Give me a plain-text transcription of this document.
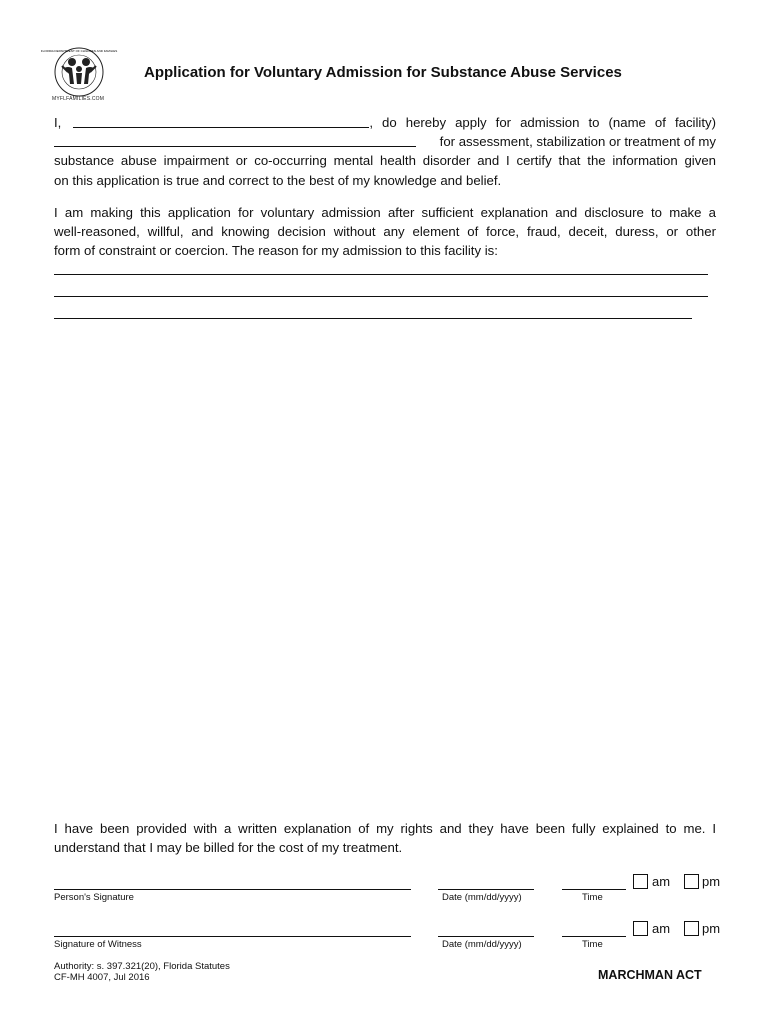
FLORIDA DEPARTMENT OF CHILDREN AND FAMILIES
MYFLFAMILIES.COM
Application for Voluntary Admission for Substance Abuse Services
I,	, do hereby apply for admission to (name of facility)
for assessment, stabilization or treatment of my
substance abuse impairment or co-occurring mental health disorder and I certify that the information given
on this application is true and correct to the best of my knowledge and belief.
I am making this application for voluntary admission after sufficient explanation and disclosure to make a
well-reasoned, willful, and knowing decision without any element of force, fraud, deceit, duress, or other
form of constraint or coercion. The reason for my admission to this facility is:
I have been provided with a written explanation of my rights and they have been fully explained to me. I
understand that I may be billed for the cost of my treatment.
Person's Signature	Date (mm/dd/yyyy)	Time
am pm
Signature of Witness	Date (mm/dd/yyyy)	Time
am pm
Authority: s. 397.321(20), Florida Statutes
CF-MH 4007, Jul 2016	MARCHMAN ACT
